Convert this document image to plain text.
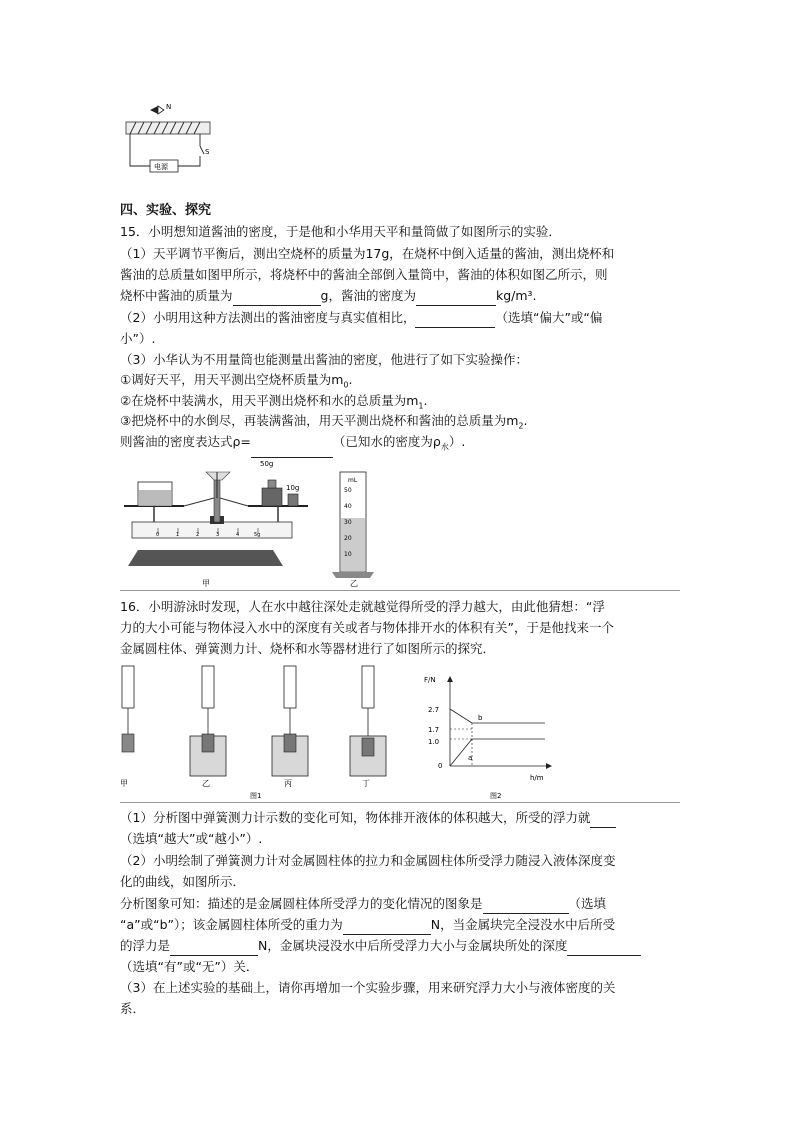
N
S
电源
四、实验、探究
15．小明想知道酱油的密度，于是他和小华用天平和量筒做了如图所示的实验．
（1）天平调节平衡后，测出空烧杯的质量为17g，在烧杯中倒入适量的酱油，测出烧杯和
酱油的总质量如图甲所示，将烧杯中的酱油全部倒入量筒中，酱油的体积如图乙所示，则
烧杯中酱油的质量为	g，酱油的密度为	kg/m³.
（2）小明用这种方法测出的酱油密度与真实值相比，	（选填“偏大”或“偏
小”）.
（3）小华认为不用量筒也能测量出酱油的密度，他进行了如下实验操作：
①调好天平，用天平测出空烧杯质量为$m_0$.
②在烧杯中装满水，用天平测出烧杯和水的总质量为$m_1$.
③把烧杯中的水倒尽，再装满酱油，用天平测出烧杯和酱油的总质量为$m_2$.
则酱油的密度表达式ρ=	（已知水的密度为$\rho_水$）.
0	1	2	3	4	5g
50g
10g
甲
mL
50
40
30
20
10
乙
16．小明游泳时发现，人在水中越往深处走就越觉得所受的浮力越大，由此他猜想：“浮
力的大小可能与物体浸入水中的深度有关或者与物体排开水的体积有关”，于是他找来一个
金属圆柱体、弹簧测力计、烧杯和水等器材进行了如图所示的探究．
甲	乙	丙	丁
图1
F/N
h/m
2.7
1.7
1.0
0
b
a
图2
（1）分析图中弹簧测力计示数的变化可知，物体排开液体的体积越大，所受的浮力就
（选填“越大”或“越小”）.
（2）小明绘制了弹簧测力计对金属圆柱体的拉力和金属圆柱体所受浮力随浸入液体深度变
化的曲线，如图所示．
分析图象可知：描述的是金属圆柱体所受浮力的变化情况的图象是	（选填
“a”或“b”）；该金属圆柱体所受的重力为	N，当金属块完全浸没水中后所受
的浮力是	N，金属块浸没水中后所受浮力大小与金属块所处的深度
（选填“有”或“无”）关．
（3）在上述实验的基础上，请你再增加一个实验步骤，用来研究浮力大小与液体密度的关
系．
